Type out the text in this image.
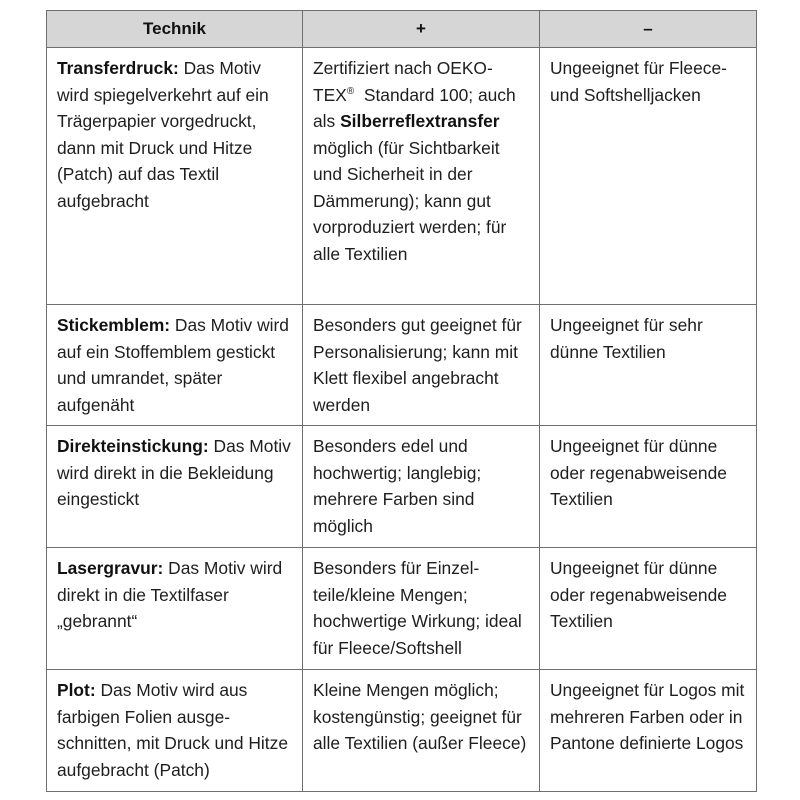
Technik	+	–
Transferdruck: Das Motiv wird spiegelverkehrt auf ein Trägerpapier vorgedruckt, dann mit Druck und Hitze (Patch) auf das Textil aufgebracht	Zertifiziert nach OEKO-TEX®  Standard 100; auch als Silberreflextransfer möglich (für Sichtbarkeit und Sicherheit in der Dämmerung); kann gut vorproduziert werden; für alle Textilien	Ungeeignet für Fleece- und Softshelljacken
Stickemblem: Das Motiv wird auf ein Stoffemblem gestickt und umrandet, später aufgenäht	Besonders gut geeignet für Personalisierung; kann mit Klett flexibel angebracht werden	Ungeeignet für sehr dünne Textilien
Direkteinstickung: Das Motiv wird direkt in die Bekleidung eingestickt	Besonders edel und hochwertig; langlebig; mehrere Farben sind möglich	Ungeeignet für dünne oder regenabweisende Textilien
Lasergravur: Das Motiv wird direkt in die Textilfaser „gebrannt“	Besonders für Einzelteile/kleine Mengen; hochwertige Wirkung; ideal für Fleece/Softshell	Ungeeignet für dünne oder regenabweisende Textilien
Plot: Das Motiv wird aus farbigen Folien ausgeschnitten, mit Druck und Hitze aufgebracht (Patch)	Kleine Mengen möglich; kostengünstig; geeignet für alle Textilien (außer Fleece)	Ungeeignet für Logos mit mehreren Farben oder in Pantone definierte Logos
